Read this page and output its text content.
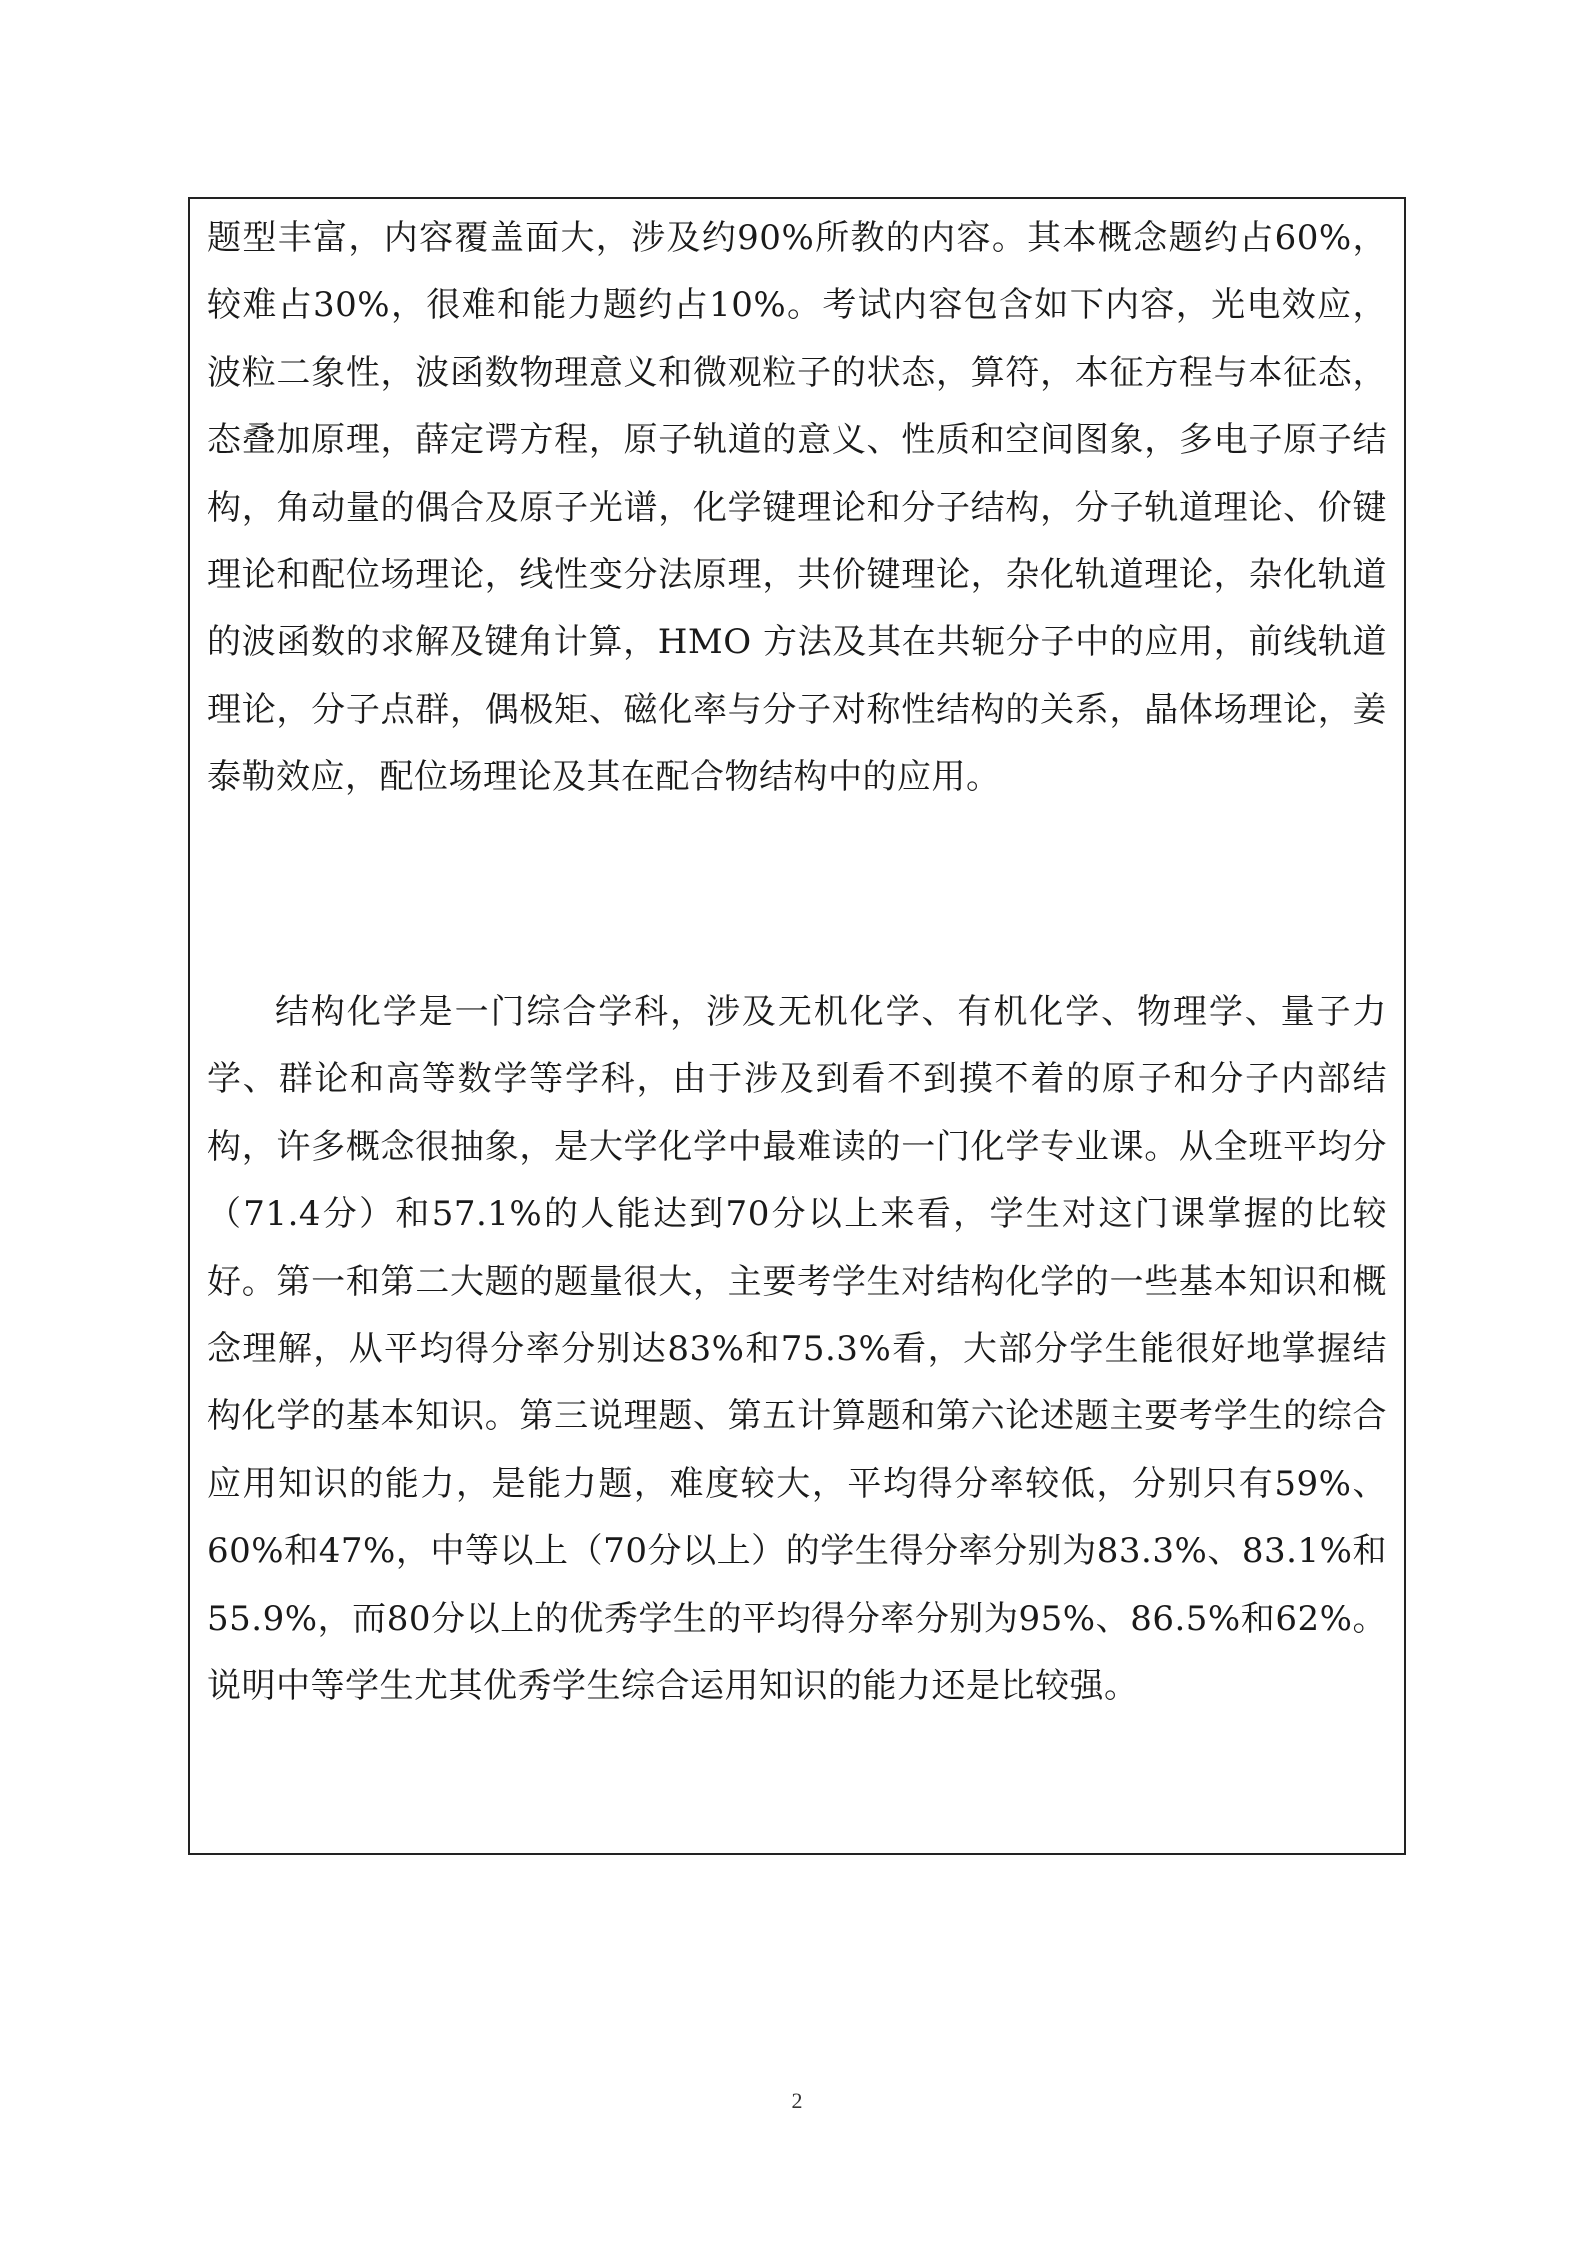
题型丰富，内容覆盖面大，涉及约90%所教的内容。其本概念题约占60%，较难占30%，很难和能力题约占10%。考试内容包含如下内容，光电效应，波粒二象性，波函数物理意义和微观粒子的状态，算符，本征方程与本征态，态叠加原理，薛定谔方程，原子轨道的意义、性质和空间图象，多电子原子结构，角动量的偶合及原子光谱，化学键理论和分子结构，分子轨道理论、价键理论和配位场理论，线性变分法原理，共价键理论，杂化轨道理论，杂化轨道的波函数的求解及键角计算，HMO 方法及其在共轭分子中的应用，前线轨道理论，分子点群，偶极矩、磁化率与分子对称性结构的关系，晶体场理论，姜泰勒效应，配位场理论及其在配合物结构中的应用。

结构化学是一门综合学科，涉及无机化学、有机化学、物理学、量子力学、群论和高等数学等学科，由于涉及到看不到摸不着的原子和分子内部结构，许多概念很抽象，是大学化学中最难读的一门化学专业课。从全班平均分（71.4分）和57.1%的人能达到70分以上来看，学生对这门课掌握的比较好。第一和第二大题的题量很大，主要考学生对结构化学的一些基本知识和概念理解，从平均得分率分别达83%和75.3%看，大部分学生能很好地掌握结构化学的基本知识。第三说理题、第五计算题和第六论述题主要考学生的综合应用知识的能力，是能力题，难度较大，平均得分率较低，分别只有59%、60%和47%，中等以上（70分以上）的学生得分率分别为83.3%、83.1%和55.9%，而80分以上的优秀学生的平均得分率分别为95%、86.5%和62%。说明中等学生尤其优秀学生综合运用知识的能力还是比较强。

2
